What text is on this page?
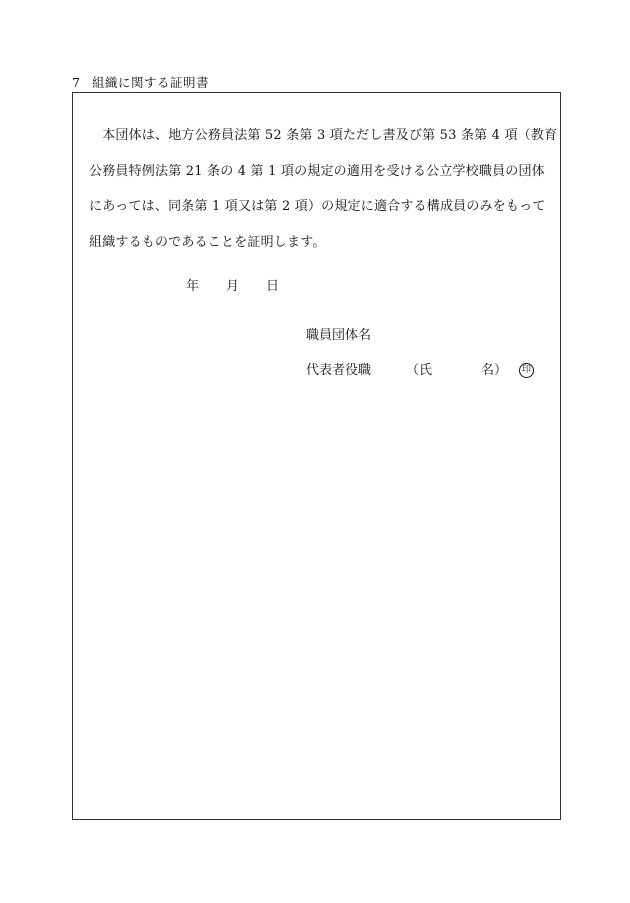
7 組織に関する証明書
　本団体は、地方公務員法第 52 条第 3 項ただし書及び第 53 条第 4 項（教育
公務員特例法第 21 条の 4 第 1 項の規定の適用を受ける公立学校職員の団体
にあっては、同条第 1 項又は第 2 項）の規定に適合する構成員のみをもって
組織するものであることを証明します。
年 月 日
職員団体名
代表者役職	（氏	名） 印
